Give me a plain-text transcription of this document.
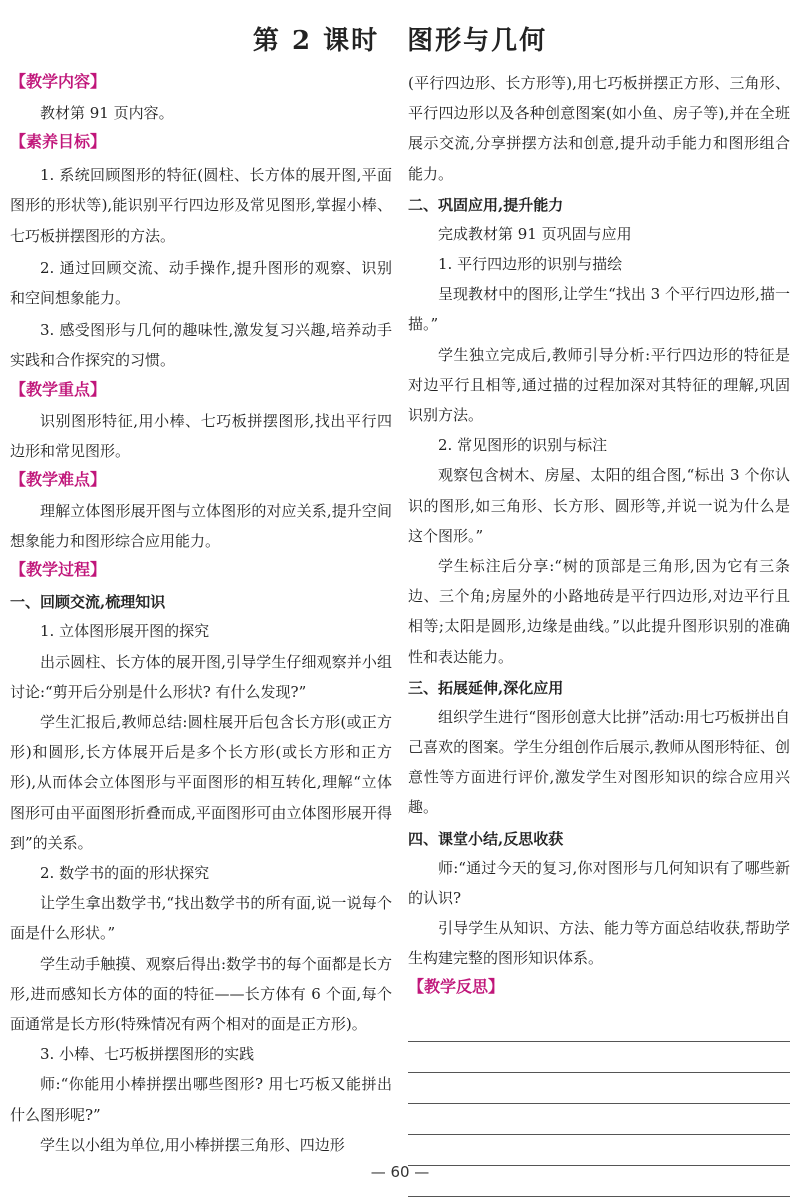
第 2 课时　图形与几何
【教学内容】

教材第 91 页内容。

【素养目标】

1. 系统回顾图形的特征(圆柱、长方体的展开图,平面图形的形状等),能识别平行四边形及常见图形,掌握小棒、七巧板拼摆图形的方法。

2. 通过回顾交流、动手操作,提升图形的观察、识别和空间想象能力。

3. 感受图形与几何的趣味性,激发复习兴趣,培养动手实践和合作探究的习惯。

【教学重点】

识别图形特征,用小棒、七巧板拼摆图形,找出平行四边形和常见图形。

【教学难点】

理解立体图形展开图与立体图形的对应关系,提升空间想象能力和图形综合应用能力。

【教学过程】
一、回顾交流,梳理知识

1. 立体图形展开图的探究

出示圆柱、长方体的展开图,引导学生仔细观察并小组讨论:“剪开后分别是什么形状? 有什么发现?”

学生汇报后,教师总结:圆柱展开后包含长方形(或正方形)和圆形,长方体展开后是多个长方形(或长方形和正方形),从而体会立体图形与平面图形的相互转化,理解“立体图形可由平面图形折叠而成,平面图形可由立体图形展开得到”的关系。

2. 数学书的面的形状探究

让学生拿出数学书,“找出数学书的所有面,说一说每个面是什么形状。”

学生动手触摸、观察后得出:数学书的每个面都是长方形,进而感知长方体的面的特征——长方体有 6 个面,每个面通常是长方形(特殊情况有两个相对的面是正方形)。

3. 小棒、七巧板拼摆图形的实践

师:“你能用小棒拼摆出哪些图形? 用七巧板又能拼出什么图形呢?”

学生以小组为单位,用小棒拼摆三角形、四边形

(平行四边形、长方形等),用七巧板拼摆正方形、三角形、平行四边形以及各种创意图案(如小鱼、房子等),并在全班展示交流,分享拼摆方法和创意,提升动手能力和图形组合能力。

二、巩固应用,提升能力

完成教材第 91 页巩固与应用

1. 平行四边形的识别与描绘

呈现教材中的图形,让学生“找出 3 个平行四边形,描一描。”

学生独立完成后,教师引导分析:平行四边形的特征是对边平行且相等,通过描的过程加深对其特征的理解,巩固识别方法。

2. 常见图形的识别与标注

观察包含树木、房屋、太阳的组合图,“标出 3 个你认识的图形,如三角形、长方形、圆形等,并说一说为什么是这个图形。”

学生标注后分享:“树的顶部是三角形,因为它有三条边、三个角;房屋外的小路地砖是平行四边形,对边平行且相等;太阳是圆形,边缘是曲线。”以此提升图形识别的准确性和表达能力。

三、拓展延伸,深化应用

组织学生进行“图形创意大比拼”活动:用七巧板拼出自己喜欢的图案。学生分组创作后展示,教师从图形特征、创意性等方面进行评价,激发学生对图形知识的综合应用兴趣。

四、课堂小结,反思收获

师:“通过今天的复习,你对图形与几何知识有了哪些新的认识?

引导学生从知识、方法、能力等方面总结收获,帮助学生构建完整的图形知识体系。

【教学反思】
— 60 —
